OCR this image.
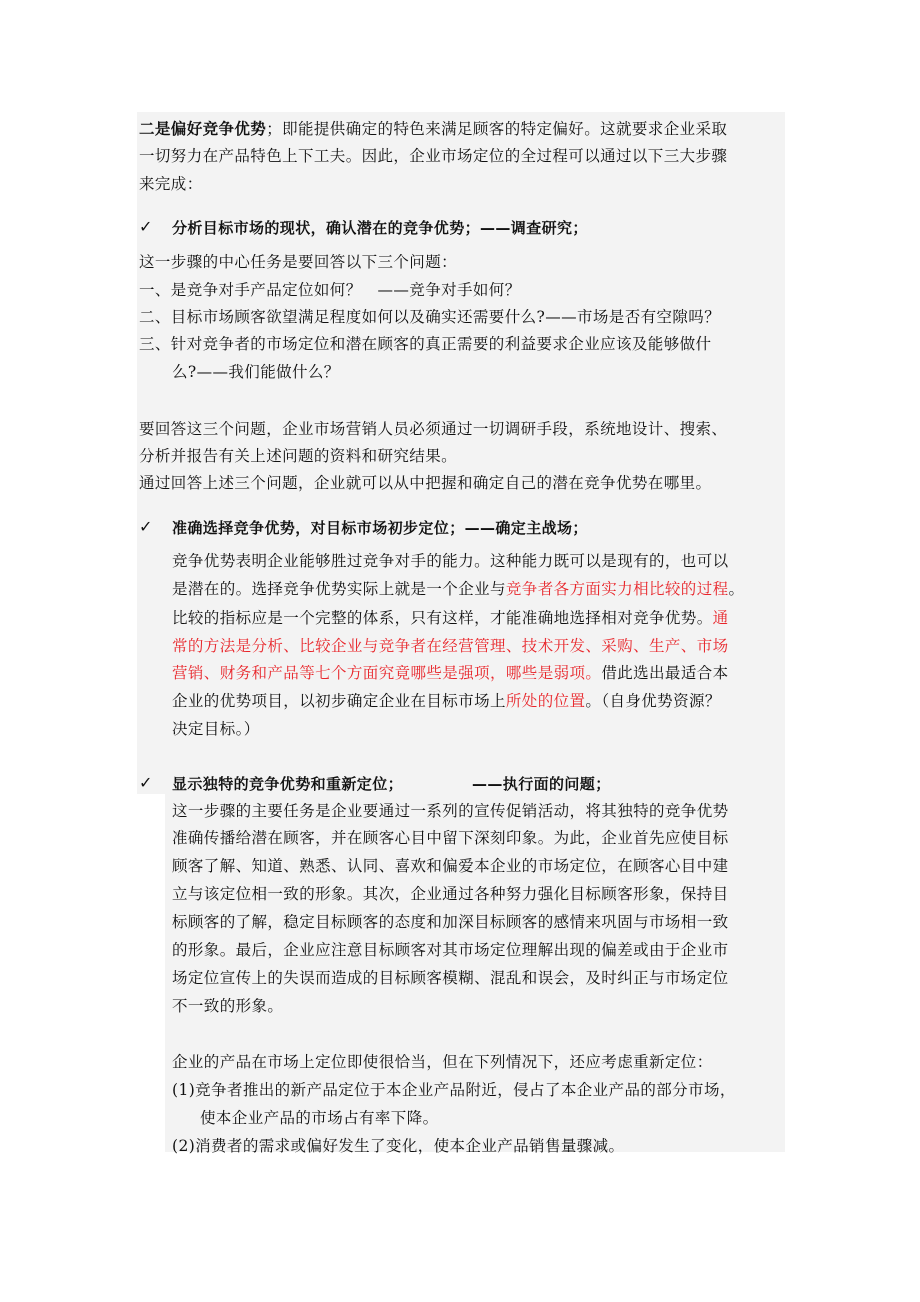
二是偏好竞争优势；即能提供确定的特色来满足顾客的特定偏好。这就要求企业采取
一切努力在产品特色上下工夫。因此，企业市场定位的全过程可以通过以下三大步骤
来完成：
✓ 分析目标市场的现状，确认潜在的竞争优势；——调查研究；
这一步骤的中心任务是要回答以下三个问题：
一、是竞争对手产品定位如何？　——竞争对手如何？
二、目标市场顾客欲望满足程度如何以及确实还需要什么?——市场是否有空隙吗？
三、针对竞争者的市场定位和潜在顾客的真正需要的利益要求企业应该及能够做什
么?——我们能做什么？
要回答这三个问题，企业市场营销人员必须通过一切调研手段，系统地设计、搜索、
分析并报告有关上述问题的资料和研究结果。
通过回答上述三个问题，企业就可以从中把握和确定自己的潜在竞争优势在哪里。
✓ 准确选择竞争优势，对目标市场初步定位；——确定主战场；
竞争优势表明企业能够胜过竞争对手的能力。这种能力既可以是现有的，也可以
是潜在的。选择竞争优势实际上就是一个企业与竞争者各方面实力相比较的过程。
比较的指标应是一个完整的体系，只有这样，才能准确地选择相对竞争优势。通
常的方法是分析、比较企业与竞争者在经营管理、技术开发、采购、生产、市场
营销、财务和产品等七个方面究竟哪些是强项，哪些是弱项。借此选出最适合本
企业的优势项目，以初步确定企业在目标市场上所处的位置。（自身优势资源？
决定目标。）
✓ 显示独特的竞争优势和重新定位；	——执行面的问题；
这一步骤的主要任务是企业要通过一系列的宣传促销活动，将其独特的竞争优势
准确传播给潜在顾客，并在顾客心目中留下深刻印象。为此，企业首先应使目标
顾客了解、知道、熟悉、认同、喜欢和偏爱本企业的市场定位，在顾客心目中建
立与该定位相一致的形象。其次，企业通过各种努力强化目标顾客形象，保持目
标顾客的了解，稳定目标顾客的态度和加深目标顾客的感情来巩固与市场相一致
的形象。最后，企业应注意目标顾客对其市场定位理解出现的偏差或由于企业市
场定位宣传上的失误而造成的目标顾客模糊、混乱和误会，及时纠正与市场定位
不一致的形象。
企业的产品在市场上定位即使很恰当，但在下列情况下，还应考虑重新定位：
(1)竞争者推出的新产品定位于本企业产品附近，侵占了本企业产品的部分市场，
使本企业产品的市场占有率下降。
(2)消费者的需求或偏好发生了变化，使本企业产品销售量骤减。
